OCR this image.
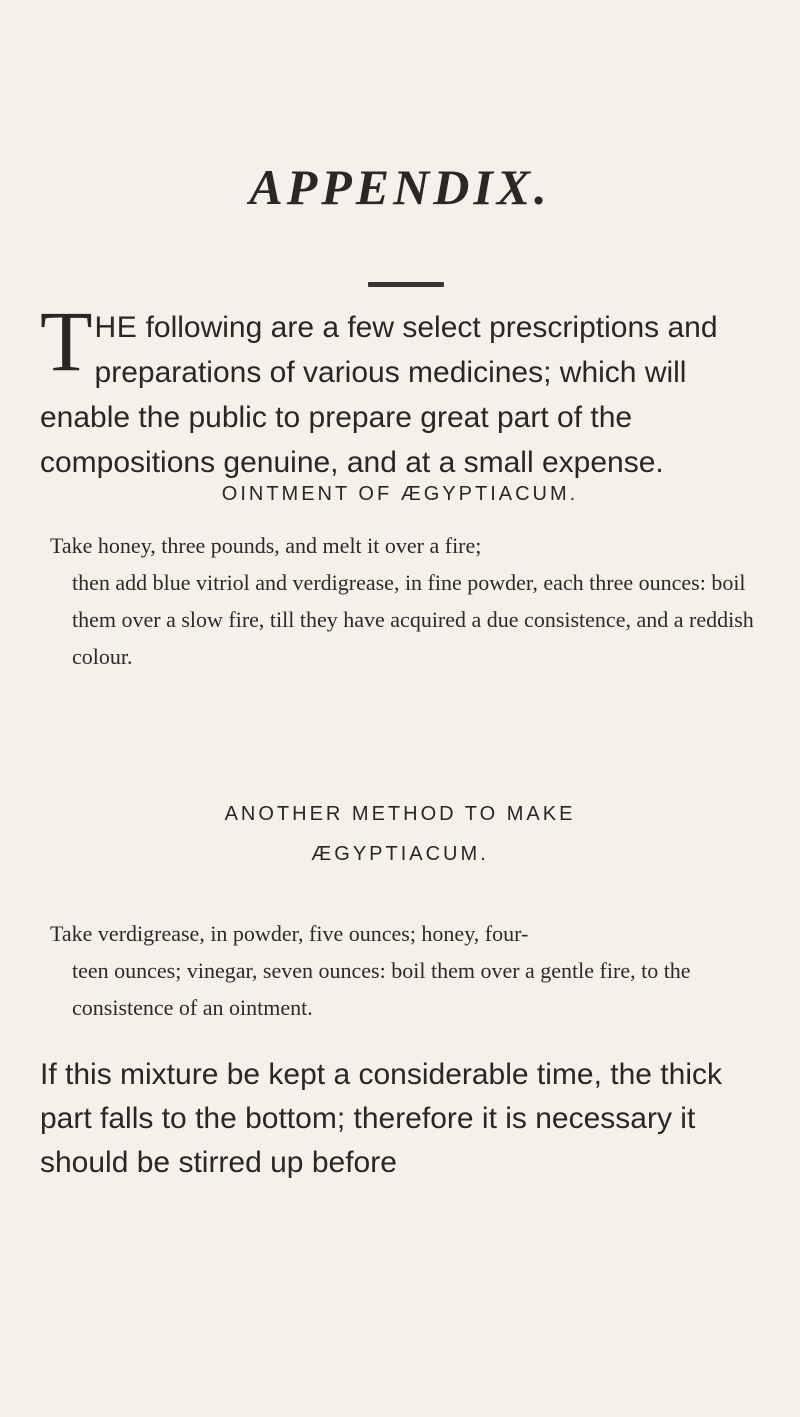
APPENDIX.
THE following are a few select prescriptions and preparations of various medicines; which will enable the public to prepare great part of the compositions genuine, and at a small expense.
OINTMENT OF ÆGYPTIACUM.
Take honey, three pounds, and melt it over a fire;
then add blue vitriol and verdigrease, in fine powder, each three ounces: boil them over a slow fire, till they have acquired a due consistence, and a reddish colour.
ANOTHER METHOD TO MAKE
ÆGYPTIACUM.
Take verdigrease, in powder, five ounces; honey, four-
teen ounces; vinegar, seven ounces: boil them over a gentle fire, to the consistence of an ointment.
If this mixture be kept a considerable time, the thick part falls to the bottom; therefore it is necessary it should be stirred up before
